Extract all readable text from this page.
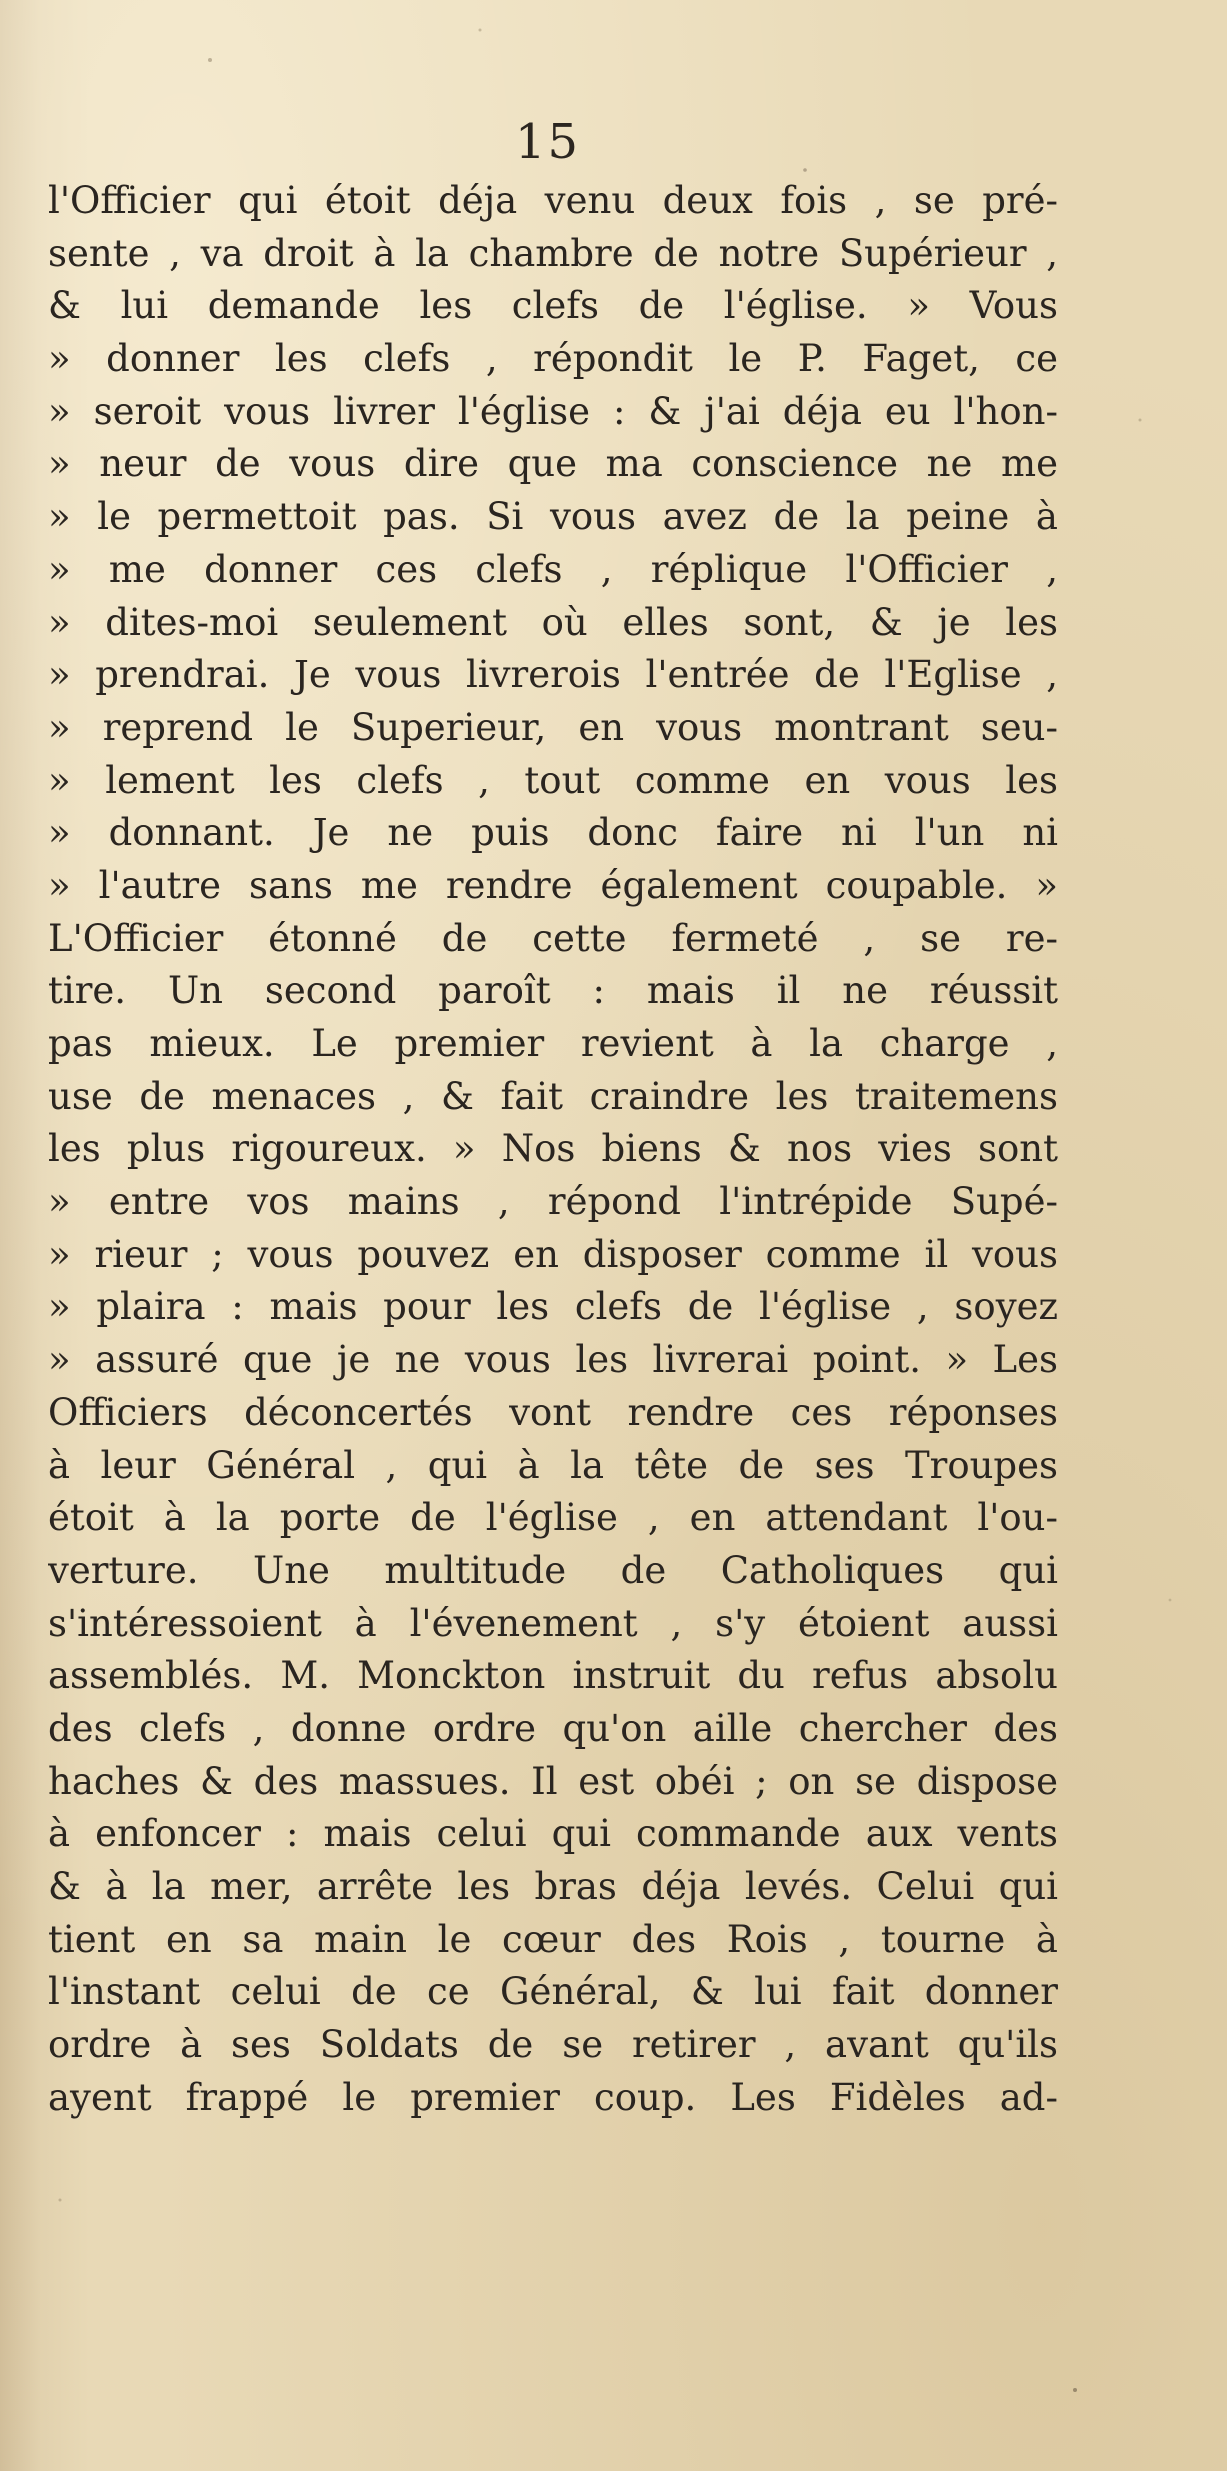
15
l'Officier qui étoit déja venu deux fois , se pré-
sente , va droit à la chambre de notre Supérieur ,
& lui demande les clefs de l'église. » Vous
» donner les clefs , répondit le P. Faget, ce
» seroit vous livrer l'église : & j'ai déja eu l'hon-
» neur de vous dire que ma conscience ne me
» le permettoit pas. Si vous avez de la peine à
» me donner ces clefs , réplique l'Officier ,
» dites-moi seulement où elles sont, & je les
» prendrai. Je vous livrerois l'entrée de l'Eglise ,
» reprend le Superieur, en vous montrant seu-
» lement les clefs , tout comme en vous les
» donnant. Je ne puis donc faire ni l'un ni
» l'autre sans me rendre également coupable. »
L'Officier étonné de cette fermeté , se re-
tire. Un second paroît : mais il ne réussit
pas mieux. Le premier revient à la charge ,
use de menaces , & fait craindre les traitemens
les plus rigoureux. » Nos biens & nos vies sont
» entre vos mains , répond l'intrépide Supé-
» rieur ; vous pouvez en disposer comme il vous
» plaira : mais pour les clefs de l'église , soyez
» assuré que je ne vous les livrerai point. » Les
Officiers déconcertés vont rendre ces réponses
à leur Général , qui à la tête de ses Troupes
étoit à la porte de l'église , en attendant l'ou-
verture. Une multitude de Catholiques qui
s'intéressoient à l'évenement , s'y étoient aussi
assemblés. M. Monckton instruit du refus absolu
des clefs , donne ordre qu'on aille chercher des
haches & des massues. Il est obéi ; on se dispose
à enfoncer : mais celui qui commande aux vents
& à la mer, arrête les bras déja levés. Celui qui
tient en sa main le cœur des Rois , tourne à
l'instant celui de ce Général, & lui fait donner
ordre à ses Soldats de se retirer , avant qu'ils
ayent frappé le premier coup. Les Fidèles ad-
